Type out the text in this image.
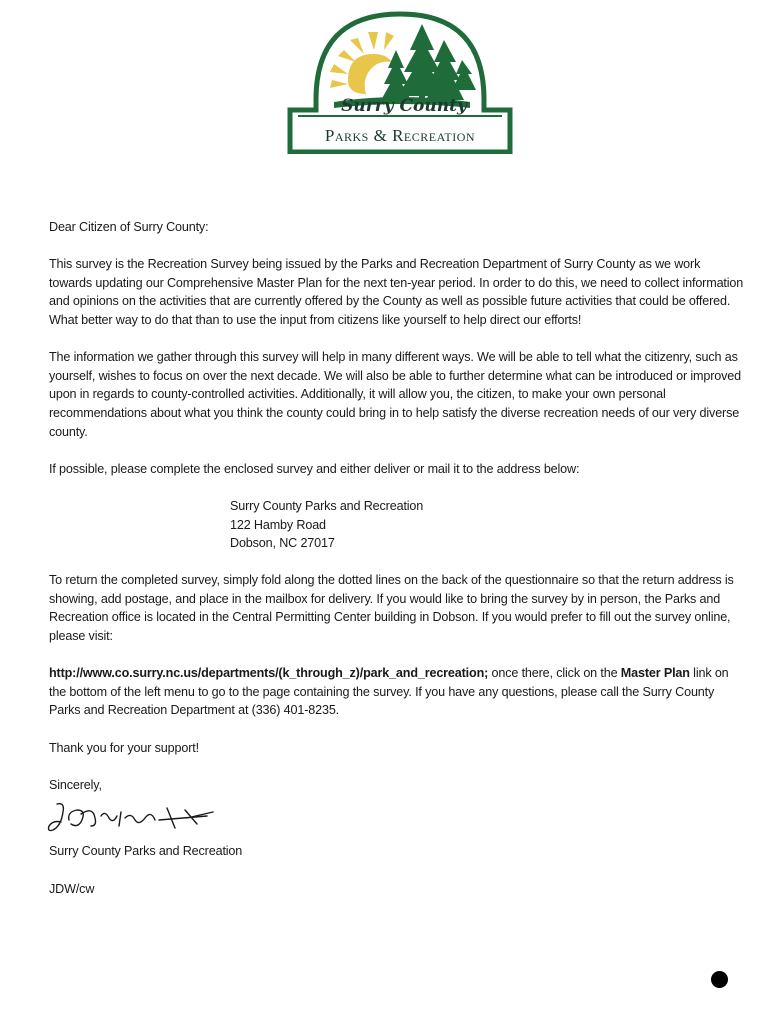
Surry County
Parks & Recreation

Dear Citizen of Surry County:

This survey is the Recreation Survey being issued by the Parks and Recreation Department of Surry County as we work towards updating our Comprehensive Master Plan for the next ten-year period. In order to do this, we need to collect information and opinions on the activities that are currently offered by the County as well as possible future activities that could be offered. What better way to do that than to use the input from citizens like yourself to help direct our efforts!

The information we gather through this survey will help in many different ways. We will be able to tell what the citizenry, such as yourself, wishes to focus on over the next decade. We will also be able to further determine what can be introduced or improved upon in regards to county-controlled activities. Additionally, it will allow you, the citizen, to make your own personal recommendations about what you think the county could bring in to help satisfy the diverse recreation needs of our very diverse county.

If possible, please complete the enclosed survey and either deliver or mail it to the address below:

Surry County Parks and Recreation
122 Hamby Road
Dobson, NC 27017

To return the completed survey, simply fold along the dotted lines on the back of the questionnaire so that the return address is showing, add postage, and place in the mailbox for delivery. If you would like to bring the survey by in person, the Parks and Recreation office is located in the Central Permitting Center building in Dobson. If you would prefer to fill out the survey online, please visit:

http://www.co.surry.nc.us/departments/(k_through_z)/park_and_recreation; once there, click on the Master Plan link on the bottom of the left menu to go to the page containing the survey. If you have any questions, please call the Surry County Parks and Recreation Department at (336) 401-8235.

Thank you for your support!

Sincerely,

Surry County Parks and Recreation

JDW/cw
